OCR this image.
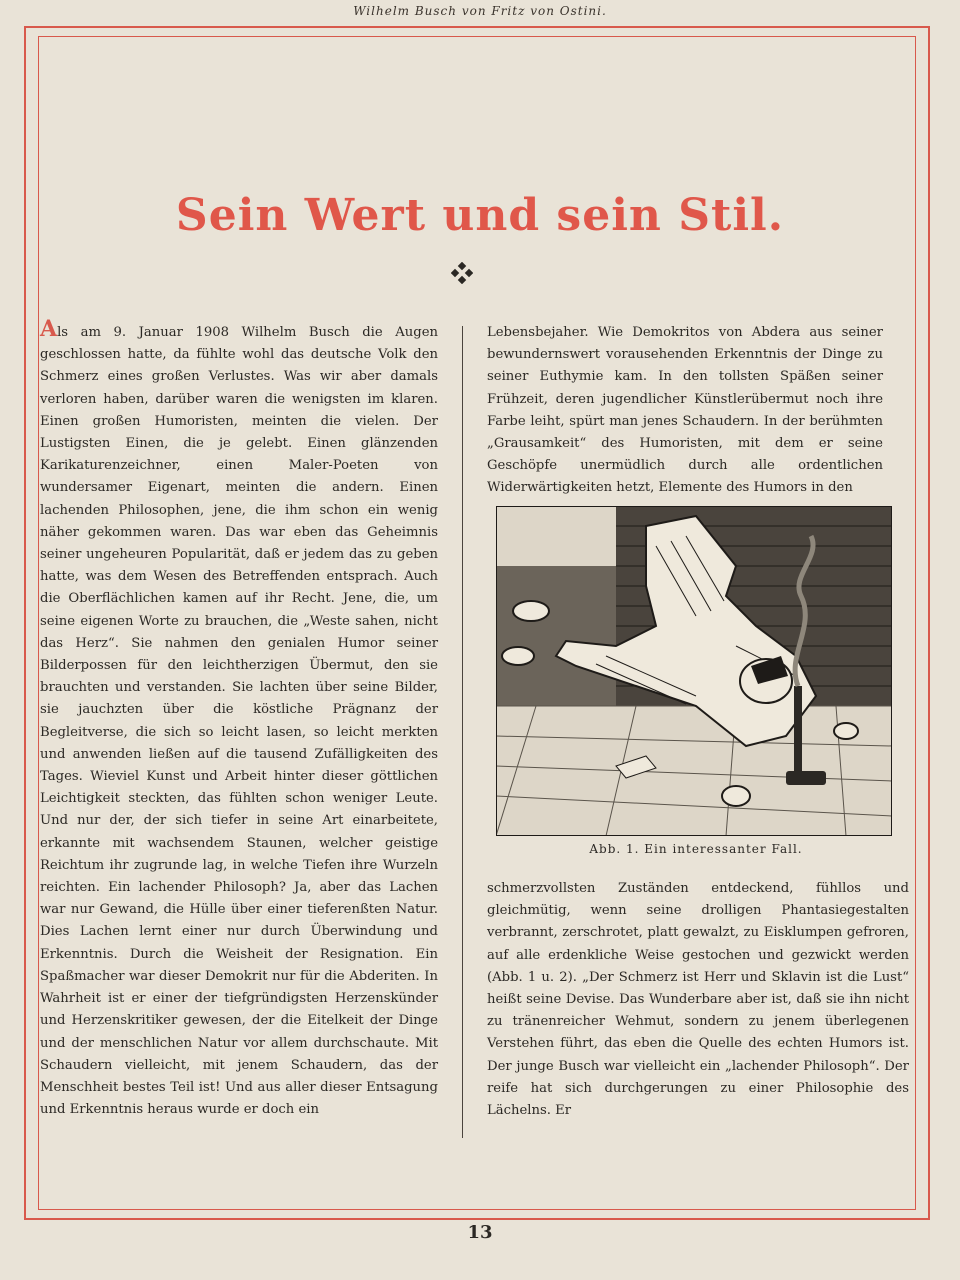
Wilhelm Busch von Fritz von Ostini.
Sein Wert und sein Stil.

Als am 9. Januar 1908 Wilhelm Busch die Augen geschlossen hatte, da fühlte wohl das deutsche Volk den Schmerz eines großen Verlustes. Was wir aber damals verloren haben, darüber waren die wenigsten im klaren. Einen großen Humoristen, meinten die vielen. Der Lustigsten Einen, die je gelebt. Einen glänzenden Karikaturenzeichner, einen Maler-Poeten von wundersamer Eigenart, meinten die andern. Einen lachenden Philosophen, jene, die ihm schon ein wenig näher gekommen waren. Das war eben das Geheimnis seiner ungeheuren Popularität, daß er jedem das zu geben hatte, was dem Wesen des Betreffenden entsprach. Auch die Oberflächlichen kamen auf ihr Recht. Jene, die, um seine eigenen Worte zu brauchen, die „Weste sahen, nicht das Herz“. Sie nahmen den genialen Humor seiner Bilderpossen für den leichtherzigen Übermut, den sie brauchten und verstanden. Sie lachten über seine Bilder, sie jauchzten über die köstliche Prägnanz der Begleitverse, die sich so leicht lasen, so leicht merkten und anwenden ließen auf die tausend Zufälligkeiten des Tages. Wieviel Kunst und Arbeit hinter dieser göttlichen Leichtigkeit steckten, das fühlten schon weniger Leute. Und nur der, der sich tiefer in seine Art einarbeitete, erkannte mit wachsendem Staunen, welcher geistige Reichtum ihr zugrunde lag, in welche Tiefen ihre Wurzeln reichten. Ein lachender Philosoph? Ja, aber das Lachen war nur Gewand, die Hülle über einer tieferenßten Natur. Dies Lachen lernt einer nur durch Überwindung und Erkenntnis. Durch die Weisheit der Resignation. Ein Spaßmacher war dieser Demokrit nur für die Abderiten. In Wahrheit ist er einer der tiefgründigsten Herzenskünder und Herzenskritiker gewesen, der die Eitelkeit der Dinge und der menschlichen Natur vor allem durchschaute. Mit Schaudern vielleicht, mit jenem Schaudern, das der Menschheit bestes Teil ist! Und aus aller dieser Entsagung und Erkenntnis heraus wurde er doch ein

Lebensbejaher. Wie Demokritos von Abdera aus seiner bewundernswert vorausehenden Erkenntnis der Dinge zu seiner Euthymie kam. In den tollsten Späßen seiner Frühzeit, deren jugendlicher Künstlerübermut noch ihre Farbe leiht, spürt man jenes Schaudern. In der berühmten „Grausamkeit“ des Humoristen, mit dem er seine Geschöpfe unermüdlich durch alle ordentlichen Widerwärtigkeiten hetzt, Elemente des Humors in den

Abb. 1. Ein interessanter Fall.

schmerzvollsten Zuständen entdeckend, fühllos und gleichmütig, wenn seine drolligen Phantasiegestalten verbrannt, zerschrotet, platt gewalzt, zu Eisklumpen gefroren, auf alle erdenkliche Weise gestochen und gezwickt werden (Abb. 1 u. 2). „Der Schmerz ist Herr und Sklavin ist die Lust“ heißt seine Devise. Das Wunderbare aber ist, daß sie ihn nicht zu tränenreicher Wehmut, sondern zu jenem überlegenen Verstehen führt, das eben die Quelle des echten Humors ist. Der junge Busch war vielleicht ein „lachender Philosoph“. Der reife hat sich durchgerungen zu einer Philosophie des Lächelns. Er

13
